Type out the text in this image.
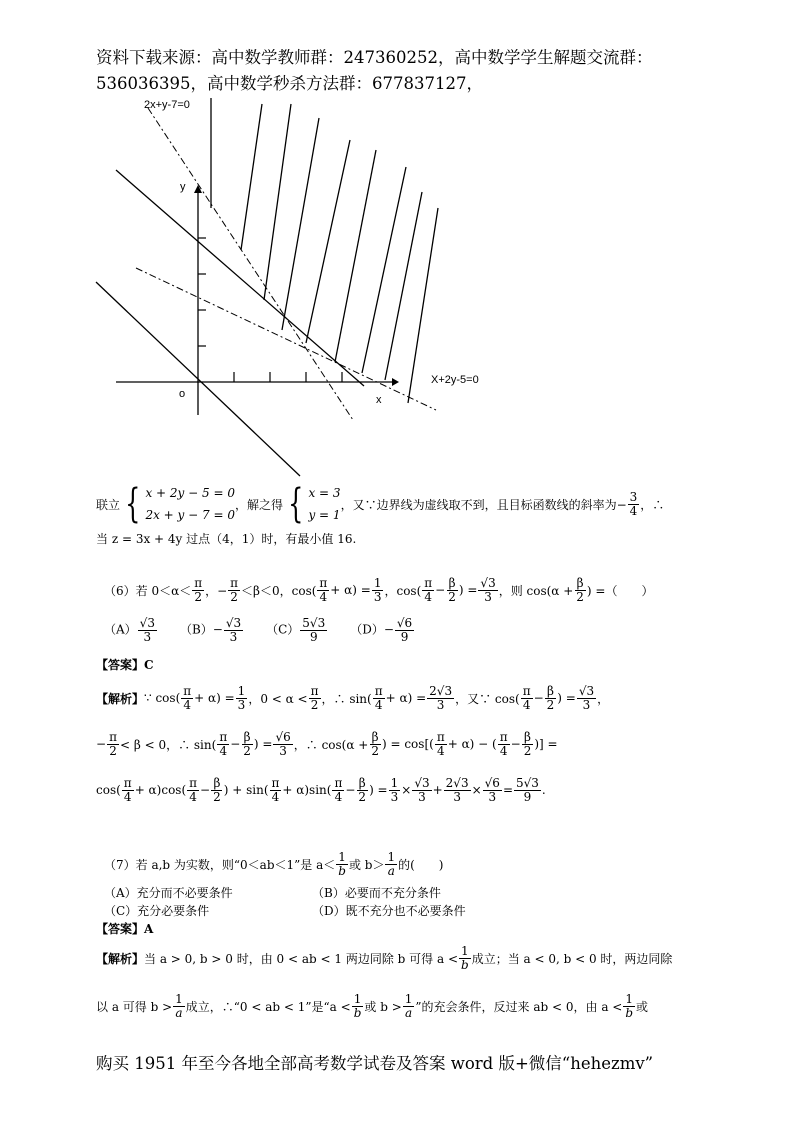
资料下载来源：高中数学教师群：247360252，高中数学学生解题交流群：
536036395，高中数学秒杀方法群：677837127，
2x+y-7=0
X+2y-5=0
y
x
o
联立 { x + 2y − 5 = 0
2x + y − 7 = 0
，解之得 { x = 3
y = 1
，又∵边界线为虚线取不到，且目标函数线的斜率为− $\frac{3}{4}$ ，∴
当 z = 3x + 4y 过点（4，1）时，有最小值 16.
（6）若 $0<\alpha< \frac{\pi}{2}$ ，− $\frac{\pi}{2} <\beta<0$，$\cos( \frac{\pi}{4} + \alpha) = \frac{1}{3}$ ，$\cos( \frac{\pi}{4} - \frac{\beta}{2}$ ) = $\frac{√3}{3}$ ，则 $\cos(\alpha + \frac{\beta}{2}$ ) =（　　）
$(A) \frac{√3}{3} (B)- \frac{√3}{3} (C) \frac{5√3}{9} (D)- \frac{√6}{9}$
【答案】C
【解析】 ∵ $\cos( \frac{\pi}{4} + \alpha) = \frac{1}{3}$ ，$0 < \alpha < \frac{\pi}{2}$ ，∴ $\sin( \frac{\pi}{4} + \alpha) = \frac{2√3}{3}$ ，又∵ $\cos( \frac{\pi}{4} - \frac{\beta}{2}$ ) = $\frac{√3}{3}$ ，
− $\frac{\pi}{2} < \beta < 0$，∴ $\sin( \frac{\pi}{4} - \frac{\beta}{2}$ ) = $\frac{√6}{3}$ ，∴ $\cos(\alpha + \frac{\beta}{2}$ ) = $\cos[( \frac{\pi}{4} + \alpha)$ − ( $\frac{\pi}{4} - \frac{\beta}{2}$ )] =
$\cos( \frac{\pi}{4} + \alpha)\cos( \frac{\pi}{4} - \frac{\beta}{2}$ ) + $\sin( \frac{\pi}{4} + \alpha)\sin( \frac{\pi}{4} - \frac{\beta}{2}$ ) = $\frac{1}{3} \times \frac{√3}{3} + \frac{2√3}{3} \times \frac{√6}{3} = \frac{5√3}{9}$ .
（7）若 a,b 为实数，则“0＜ab＜1”是 $a< \frac{1}{b}$ 或 $b> \frac{1}{a}$ 的(　　)
（A）充分而不必要条件	（B）必要而不充分条件
（C）充分必要条件	（D）既不充分也不必要条件
【答案】A
【解析】 当 a > 0, b > 0 时，由 0 < ab < 1 两边同除 b 可得 $a < \frac{1}{b}$ 成立；当 a < 0, b < 0 时，两边同除
以 a 可得 $b > \frac{1}{a}$ 成立，∴“0 < ab < 1”是“$a < \frac{1}{b}$ 或 $b > \frac{1}{a}$ ”的充会条件，反过来 ab < 0，由 $a < \frac{1}{b}$ 或
购买 1951 年至今各地全部高考数学试卷及答案 word 版+微信“hehezmv”
